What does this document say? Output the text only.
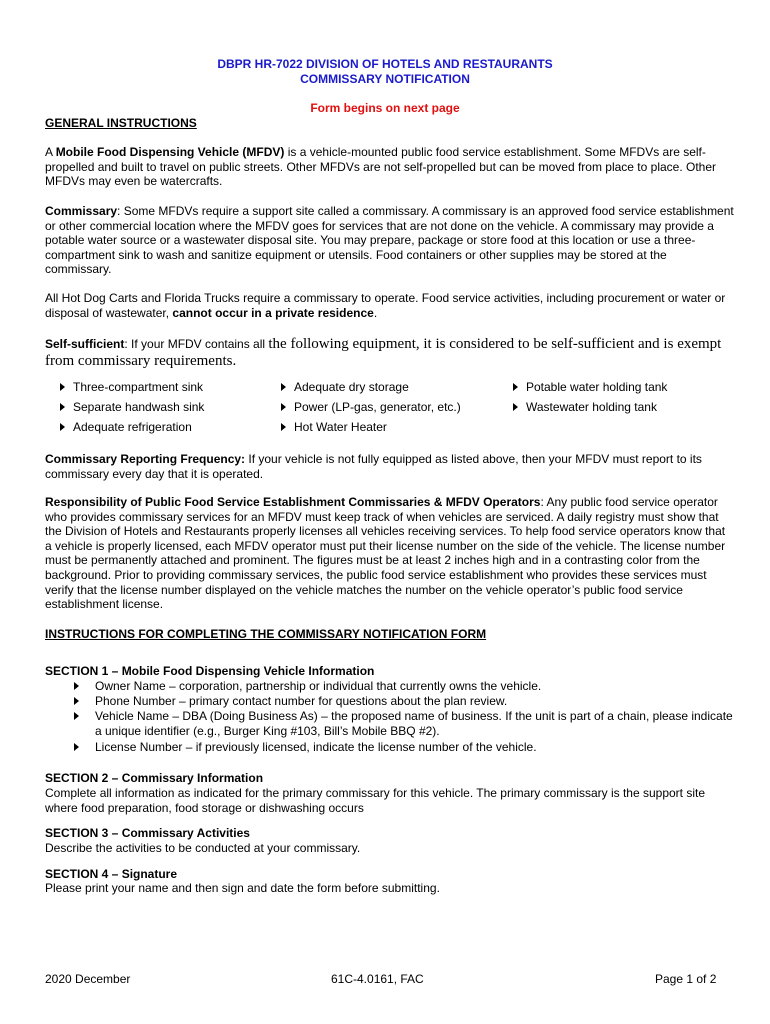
DBPR HR-7022 DIVISION OF HOTELS AND RESTAURANTS
COMMISSARY NOTIFICATION
Form begins on next page
GENERAL INSTRUCTIONS
A Mobile Food Dispensing Vehicle (MFDV) is a vehicle-mounted public food service establishment. Some MFDVs are self-propelled and built to travel on public streets. Other MFDVs are not self-propelled but can be moved from place to place. Other MFDVs may even be watercrafts.
Commissary: Some MFDVs require a support site called a commissary. A commissary is an approved food service establishment or other commercial location where the MFDV goes for services that are not done on the vehicle. A commissary may provide a potable water source or a wastewater disposal site. You may prepare, package or store food at this location or use a three-compartment sink to wash and sanitize equipment or utensils. Food containers or other supplies may be stored at the commissary.
All Hot Dog Carts and Florida Trucks require a commissary to operate. Food service activities, including procurement or water or disposal of wastewater, cannot occur in a private residence.
Self-sufficient: If your MFDV contains all the following equipment, it is considered to be self-sufficient and is exempt from commissary requirements.
Three-compartment sink
Separate handwash sink
Adequate refrigeration
Adequate dry storage
Power (LP-gas, generator, etc.)
Hot Water Heater
Potable water holding tank
Wastewater holding tank
Commissary Reporting Frequency: If your vehicle is not fully equipped as listed above, then your MFDV must report to its commissary every day that it is operated.
Responsibility of Public Food Service Establishment Commissaries & MFDV Operators: Any public food service operator who provides commissary services for an MFDV must keep track of when vehicles are serviced. A daily registry must show that the Division of Hotels and Restaurants properly licenses all vehicles receiving services. To help food service operators know that a vehicle is properly licensed, each MFDV operator must put their license number on the side of the vehicle. The license number must be permanently attached and prominent. The figures must be at least 2 inches high and in a contrasting color from the background. Prior to providing commissary services, the public food service establishment who provides these services must verify that the license number displayed on the vehicle matches the number on the vehicle operator’s public food service establishment license.
INSTRUCTIONS FOR COMPLETING THE COMMISSARY NOTIFICATION FORM
SECTION 1 – Mobile Food Dispensing Vehicle Information
Owner Name – corporation, partnership or individual that currently owns the vehicle.
Phone Number – primary contact number for questions about the plan review.
Vehicle Name – DBA (Doing Business As) – the proposed name of business. If the unit is part of a chain, please indicate a unique identifier (e.g., Burger King #103, Bill’s Mobile BBQ #2).
License Number – if previously licensed, indicate the license number of the vehicle.
SECTION 2 – Commissary Information
Complete all information as indicated for the primary commissary for this vehicle. The primary commissary is the support site where food preparation, food storage or dishwashing occurs
SECTION 3 – Commissary Activities
Describe the activities to be conducted at your commissary.
SECTION 4 – Signature
Please print your name and then sign and date the form before submitting.
2020 December	61C-4.0161, FAC	Page 1 of 2
